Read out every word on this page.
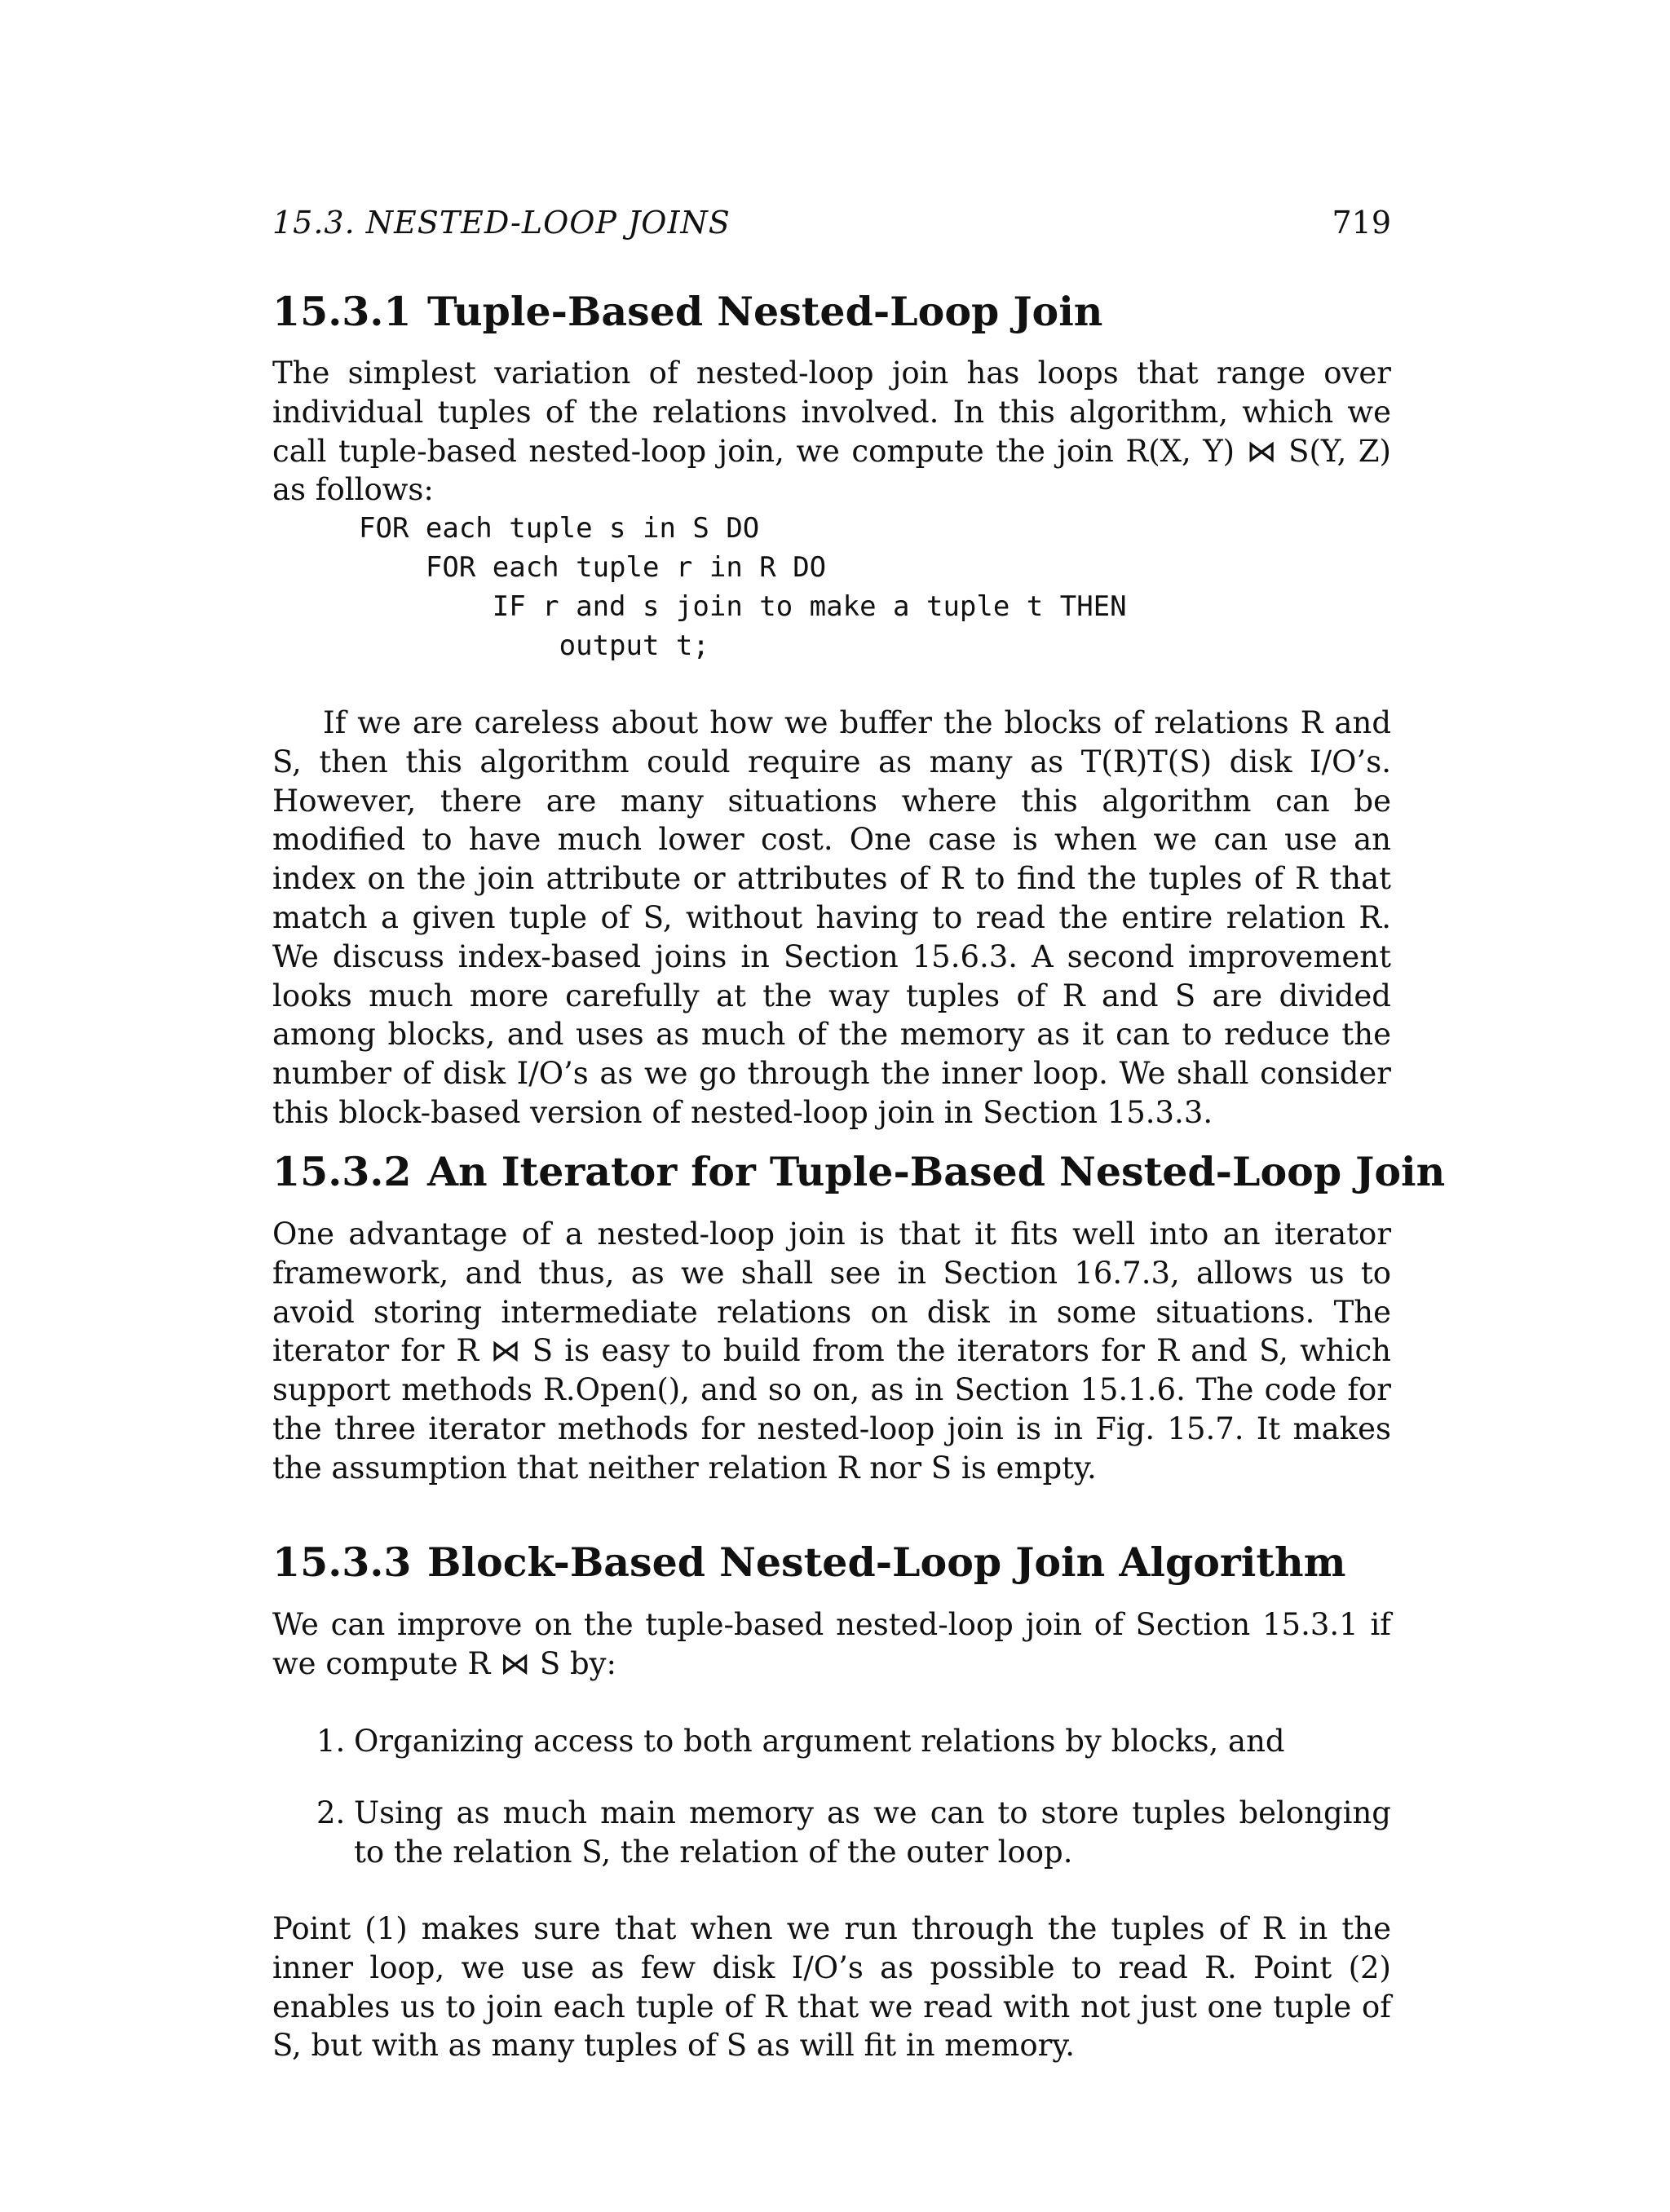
15.3. NESTED-LOOP JOINS	719
15.3.1 Tuple-Based Nested-Loop Join

The simplest variation of nested-loop join has loops that range over individual tuples of the relations involved. In this algorithm, which we call tuple-based nested-loop join, we compute the join R(X, Y) ⋈ S(Y, Z) as follows:

FOR each tuple s in S DO
FOR each tuple r in R DO
IF r and s join to make a tuple t THEN
output t;

If we are careless about how we buffer the blocks of relations R and S, then this algorithm could require as many as T(R)T(S) disk I/O’s. However, there are many situations where this algorithm can be modified to have much lower cost. One case is when we can use an index on the join attribute or attributes of R to find the tuples of R that match a given tuple of S, without having to read the entire relation R. We discuss index-based joins in Section 15.6.3. A second improvement looks much more carefully at the way tuples of R and S are divided among blocks, and uses as much of the memory as it can to reduce the number of disk I/O’s as we go through the inner loop. We shall consider this block-based version of nested-loop join in Section 15.3.3.

15.3.2 An Iterator for Tuple-Based Nested-Loop Join

One advantage of a nested-loop join is that it fits well into an iterator framework, and thus, as we shall see in Section 16.7.3, allows us to avoid storing intermediate relations on disk in some situations. The iterator for R ⋈ S is easy to build from the iterators for R and S, which support methods R.Open(), and so on, as in Section 15.1.6. The code for the three iterator methods for nested-loop join is in Fig. 15.7. It makes the assumption that neither relation R nor S is empty.

15.3.3 Block-Based Nested-Loop Join Algorithm

We can improve on the tuple-based nested-loop join of Section 15.3.1 if we compute R ⋈ S by:

1. Organizing access to both argument relations by blocks, and
2. Using as much main memory as we can to store tuples belonging to the relation S, the relation of the outer loop.

Point (1) makes sure that when we run through the tuples of R in the inner loop, we use as few disk I/O’s as possible to read R. Point (2) enables us to join each tuple of R that we read with not just one tuple of S, but with as many tuples of S as will fit in memory.
